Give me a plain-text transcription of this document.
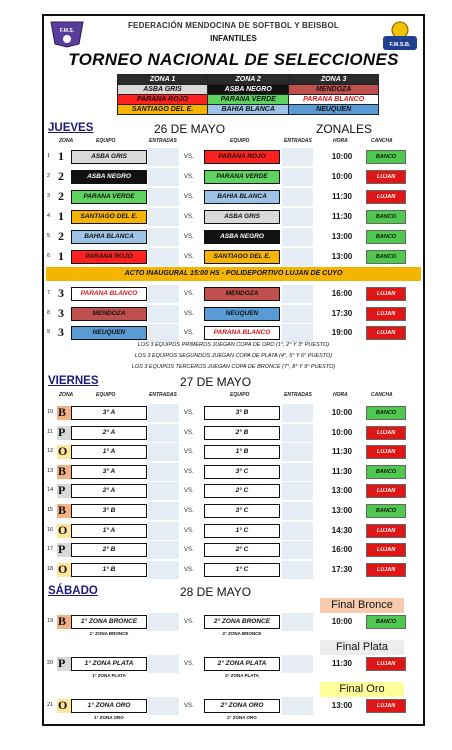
F.M.S.
F.M.S.B.
FEDERACIÓN MENDOCINA DE SOFTBOL Y BEISBOL
INFANTILES
TORNEO NACIONAL DE SELECCIONES
ZONA 1	ZONA 2	ZONA 3
ASBA GRIS	ASBA NEGRO	MENDOZA
PARANA ROJO	PARANA VERDE	PARANA BLANCO
SANTIAGO DEL E.	BAHIA BLANCA	NEUQUEN
JUEVES	26 DE MAYO	ZONALES
ZONA	EQUIPO	ENTRADAS	EQUIPO	ENTRADAS	HORA	CANCHA
1 1	ASBA GRIS	VS.	PARANA ROJO	10:00	BANCO
2 2	ASBA NEGRO	VS.	PARANA VERDE	10:00	LUJAN
3 2	PARANA VERDE	VS.	BAHIA BLANCA	11:30	LUJAN
4 1	SANTIAGO DEL E.	VS.	ASBA GRIS	11:30	BANCO
5 2	BAHIA BLANCA	VS.	ASBA NEGRO	13:00	BANCO
6 1	PARANA ROJO	VS.	SANTIAGO DEL E.	13:00	BANCO
ACTO INAUGURAL 15:00 HS - POLIDEPORTIVO LUJAN DE CUYO
7 3	PARANA BLANCO	VS.	MENDOZA	16:00	LUJAN
8 3	MENDOZA	VS.	NEUQUEN	17:30	LUJAN
9 3	NEUQUEN	VS.	PARANA BLANCO	19:00	LUJAN
LOS 3 EQUIPOS PRIMEROS JUEGAN COPA DE ORO (1°, 2° Y 3° PUESTO)
LOS 3 EQUIPOS SEGUNDOS JUEGAN COPA DE PLATA (4°, 5° Y 6° PUESTO)
LOS 3 EQUIPOS TERCEROS JUEGAN COPA DE BRONCE (7°, 8° Y 9° PUESTO)
VIERNES	27 DE MAYO
ZONA	EQUIPO	ENTRADAS	EQUIPO	ENTRADAS	HORA	CANCHA
10 B	3° A	VS.	3° B	10:00	BANCO
11 P	2° A	VS.	2° B	10:00	LUJAN
12 O	1° A	VS.	1° B	11:30	LUJAN
13 B	3° A	VS.	3° C	11:30	BANCO
14 P	2° A	VS.	2° C	13:00	LUJAN
15 B	3° B	VS.	3° C	13:00	BANCO
16 O	1° A	VS.	1° C	14:30	LUJAN
17 P	2° B	VS.	2° C	16:00	LUJAN
18 O	1° B	VS.	1° C	17:30	LUJAN
SÁBADO	28 DE MAYO
Final Bronce
19 B	1° ZONA BRONCE	VS.	2° ZONA BRONCE	10:00	BANCO
1° ZONA BRONCE	2° ZONA BRONCE
Final Plata
20 P	1° ZONA PLATA	VS.	2° ZONA PLATA	11:30	LUJAN
1° ZONA PLATA	2° ZONA PLATA
Final Oro
21 O	1° ZONA ORO	VS.	2° ZONA ORO	13:00	LUJAN
1° ZONA ORO	2° ZONA ORO
